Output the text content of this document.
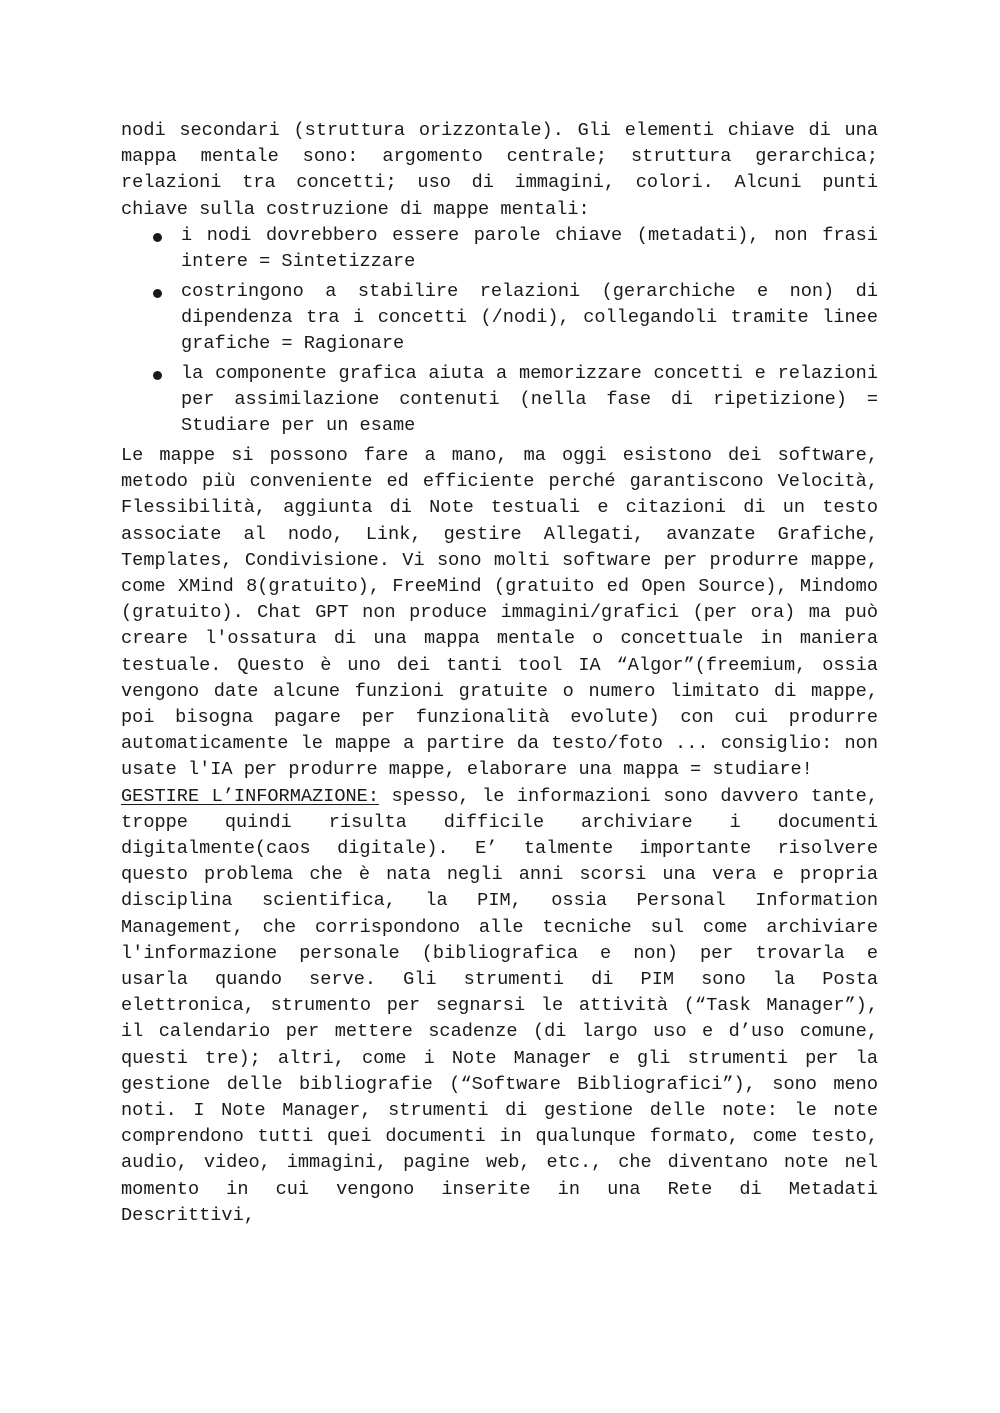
nodi secondari (struttura orizzontale). Gli elementi chiave di una mappa mentale sono: argomento centrale; struttura gerarchica; relazioni tra concetti; uso di immagini, colori. Alcuni punti chiave sulla costruzione di mappe mentali:

i nodi dovrebbero essere parole chiave (metadati), non frasi intere = Sintetizzare
costringono a stabilire relazioni (gerarchiche e non) di dipendenza tra i concetti (/nodi), collegandoli tramite linee grafiche = Ragionare
la componente grafica aiuta a memorizzare concetti e relazioni per assimilazione contenuti (nella fase di ripetizione) = Studiare per un esame

Le mappe si possono fare a mano, ma oggi esistono dei software, metodo più conveniente ed efficiente perché garantiscono Velocità, Flessibilità, aggiunta di Note testuali e citazioni di un testo associate al nodo, Link, gestire Allegati, avanzate Grafiche, Templates, Condivisione. Vi sono molti software per produrre mappe, come XMind 8(gratuito), FreeMind (gratuito ed Open Source), Mindomo (gratuito). Chat GPT non produce immagini/grafici (per ora) ma può creare l'ossatura di una mappa mentale o concettuale in maniera testuale. Questo è uno dei tanti tool IA “Algor”(freemium, ossia vengono date alcune funzioni gratuite o numero limitato di mappe, poi bisogna pagare per funzionalità evolute) con cui produrre automaticamente le mappe a partire da testo/foto ... consiglio: non usate l'IA per produrre mappe, elaborare una mappa = studiare!

GESTIRE L’INFORMAZIONE: spesso, le informazioni sono davvero tante, troppe quindi risulta difficile archiviare i documenti digitalmente(caos digitale). E’ talmente importante risolvere questo problema che è nata negli anni scorsi una vera e propria disciplina scientifica, la PIM, ossia Personal Information Management, che corrispondono alle tecniche sul come archiviare l'informazione personale (bibliografica e non) per trovarla e usarla quando serve. Gli strumenti di PIM sono la Posta elettronica, strumento per segnarsi le attività (“Task Manager”), il calendario per mettere scadenze (di largo uso e d’uso comune, questi tre); altri, come i Note Manager e gli strumenti per la gestione delle bibliografie (“Software Bibliografici”), sono meno noti. I Note Manager, strumenti di gestione delle note: le note comprendono tutti quei documenti in qualunque formato, come testo, audio, video, immagini, pagine web, etc., che diventano note nel momento in cui vengono inserite in una Rete di Metadati Descrittivi,
